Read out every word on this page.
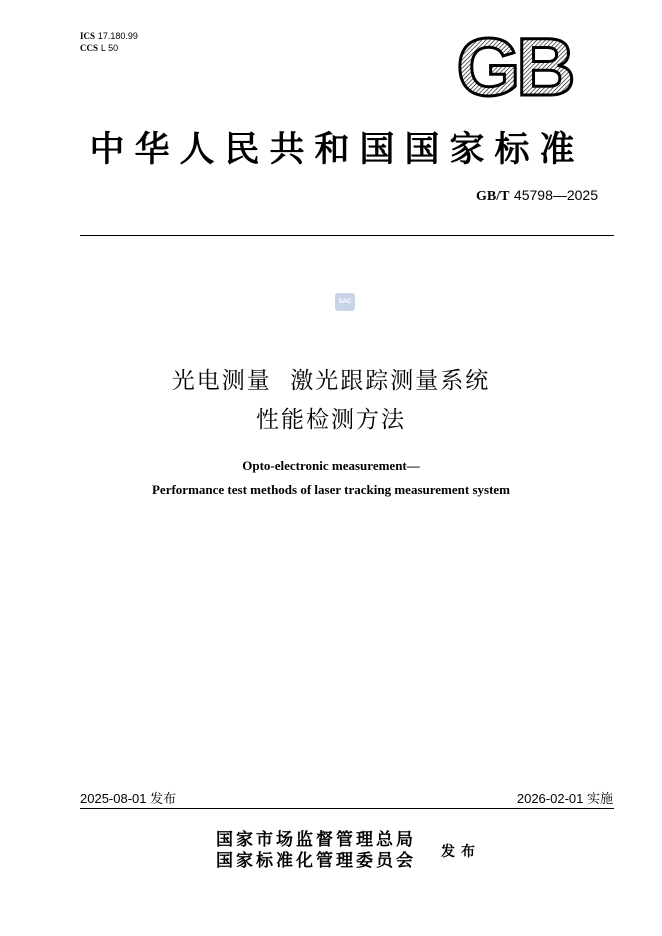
ICS 17.180.99
CCS L 50	GB
中华人民共和国国家标准
GB/T 45798—2025
SAC
光电测量  激光跟踪测量系统
性能检测方法
Opto-electronic measurement—
Performance test methods of laser tracking measurement system
2025-08-01 发布	2026-02-01 实施
国家市场监督管理总局
国家标准化管理委员会 发布
